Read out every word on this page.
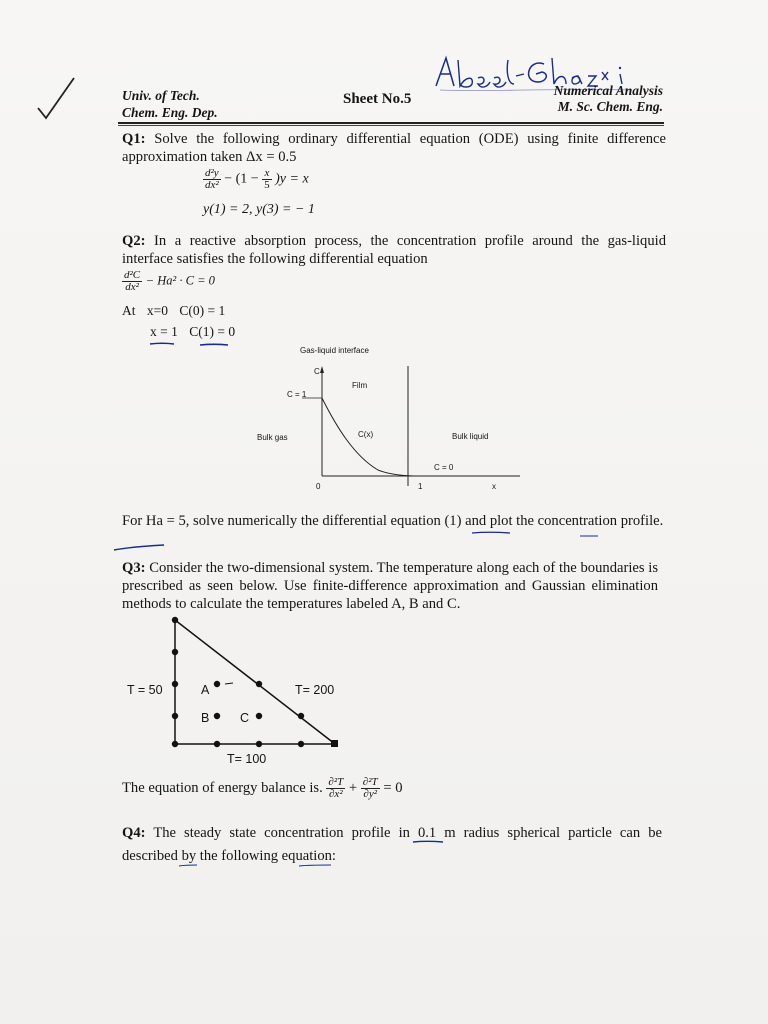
Univ. of Tech.
Chem. Eng. Dep.
Sheet No.5
Numerical Analysis
M. Sc. Chem. Eng.
Q1: Solve the following ordinary differential equation (ODE) using finite difference approximation taken Δx = 0.5
$\frac{\text{d²y}}{\text{dx²}} - (1 - \frac{x}{5} )y = x$
y(1) = 2, y(3) = − 1
Q2: In a reactive absorption process, the concentration profile around the gas-liquid interface satisfies the following differential equation
$\frac{\text{d²C}}{\text{dx²}} - Ha^2 \cdot C = 0$
At x=0 C(0) = 1
x = 1 C(1) = 0
Gas-liquid interface
C
Film
C = 1
Bulk gas	C(x)	Bulk liquid
C = 0
0	1	x
For Ha = 5, solve numerically the differential equation (1) and plot the concentration profile.
Q3: Consider the two-dimensional system. The temperature along each of the boundaries is prescribed as seen below. Use finite-difference approximation and Gaussian elimination methods to calculate the temperatures labeled A, B and C.
T = 50	A	T= 200
B C
T= 100
The equation of energy balance is. $\frac{\text{∂²T}}{\text{∂x²}} + \frac{\text{∂²T}}{\text{∂y²}} = 0$
Q4: The steady state concentration profile in 0.1 m radius spherical particle can be described by the following equation:
